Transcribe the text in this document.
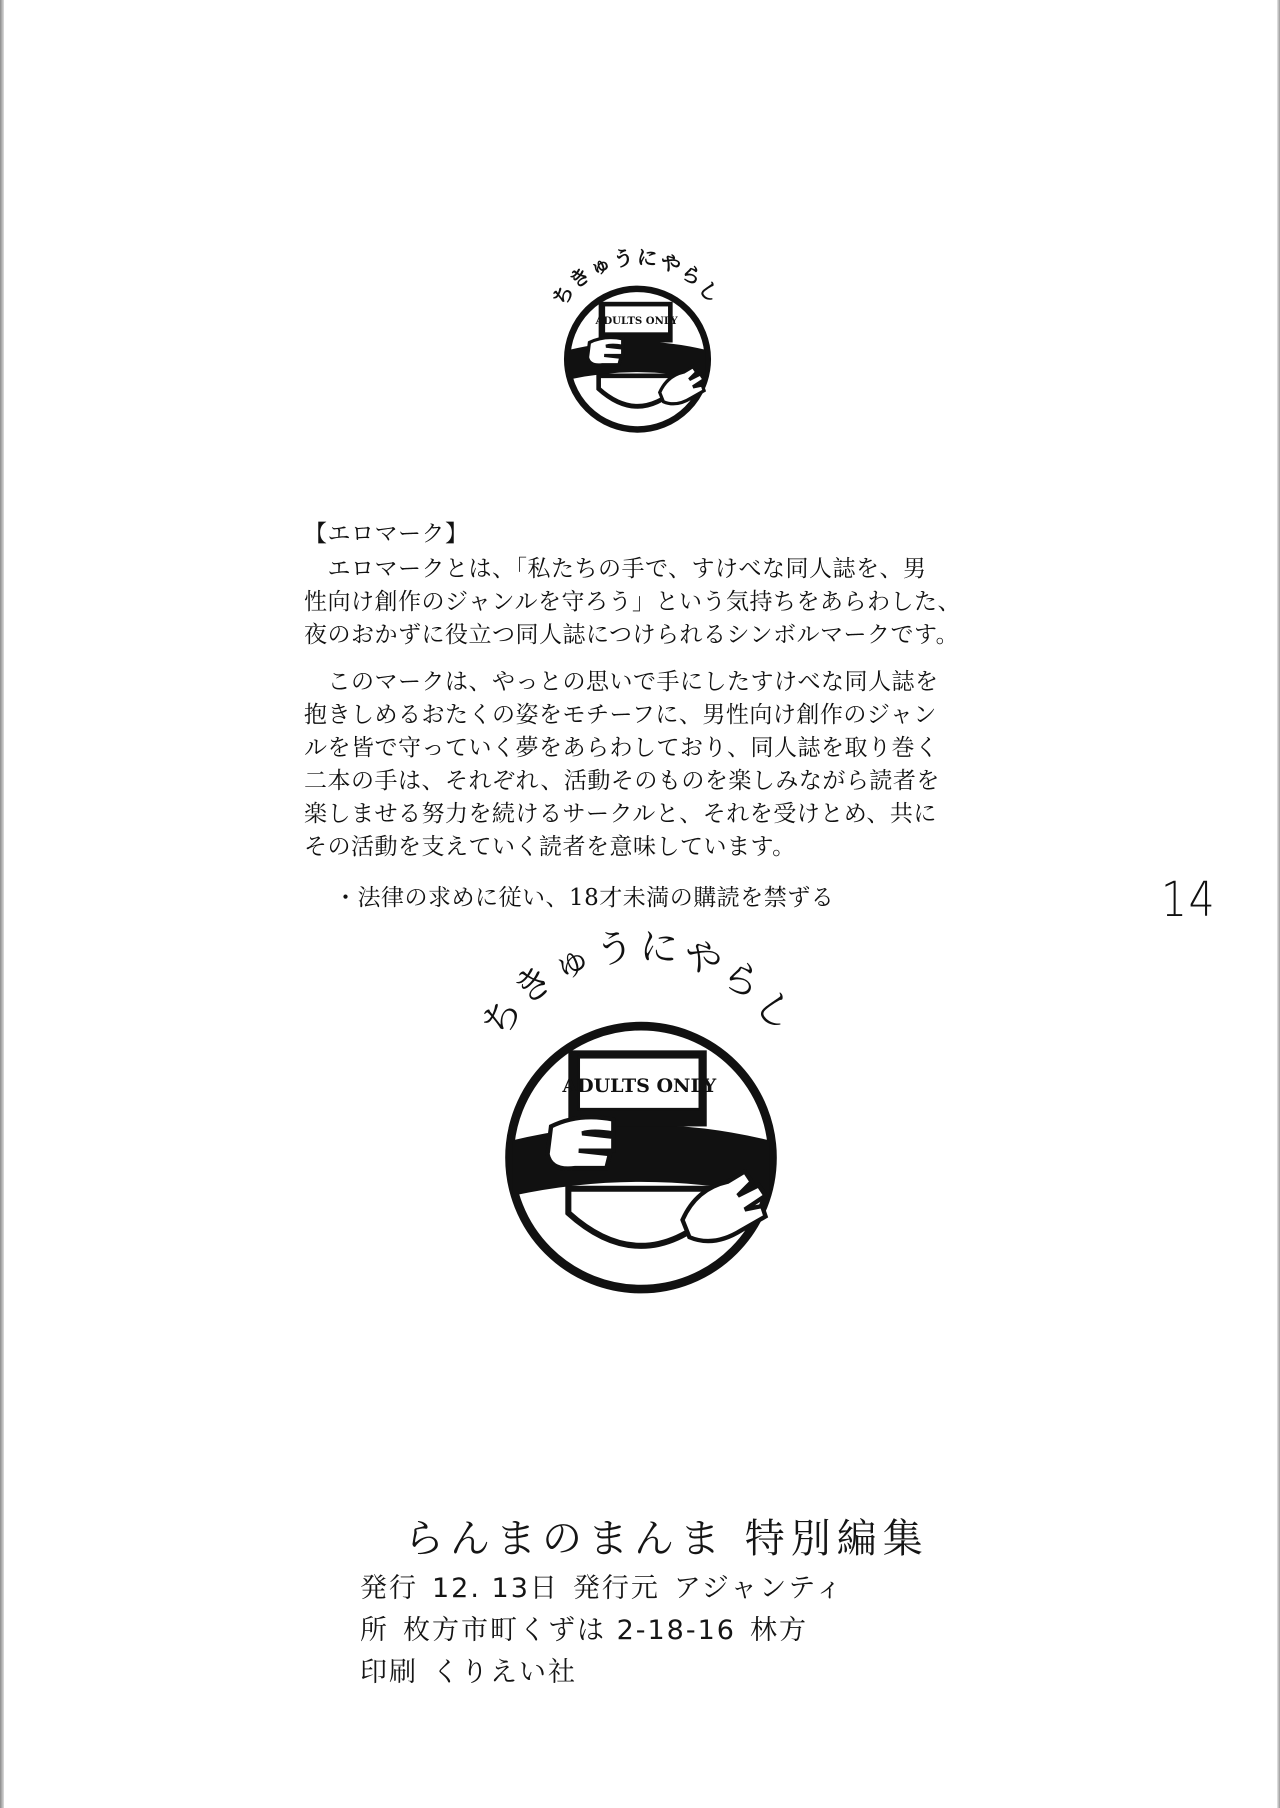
ちきゅうにやらしい
ADULTS ONLY
【エロマーク】
　エロマークとは、「私たちの手で、すけべな同人誌を、男
性向け創作のジャンルを守ろう」という気持ちをあらわした、
夜のおかずに役立つ同人誌につけられるシンボルマークです。
　このマークは、やっとの思いで手にしたすけべな同人誌を
抱きしめるおたくの姿をモチーフに、男性向け創作のジャン
ルを皆で守っていく夢をあらわしており、同人誌を取り巻く
二本の手は、それぞれ、活動そのものを楽しみながら読者を
楽しませる努力を続けるサークルと、それを受けとめ、共に
その活動を支えていく読者を意味しています。
・法律の求めに従い、18才未満の購読を禁ずる	14
ちきゅうにやらしい
ADULTS ONLY
らんまのまんま 特別編集
発行 12. 13日 発行元 アジャンティ
所 枚方市町くずは 2-18-16 林方
印刷 くりえい社
